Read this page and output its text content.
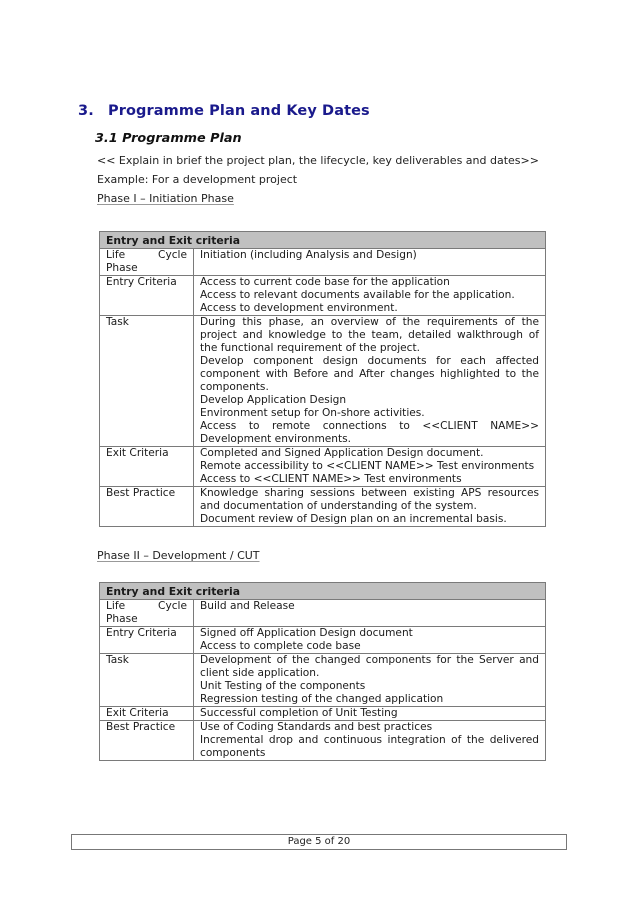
3. Programme Plan and Key Dates
3.1 Programme Plan
<< Explain in brief the project plan, the lifecycle, key deliverables and dates>>
Example: For a development project
Phase I – Initiation Phase
Entry and Exit criteria	

Life Cycle
Phase	Initiation (including Analysis and Design)

Entry Criteria	Access to current code base for the application
Access to relevant documents available for the application.
Access to development environment.

Task	During this phase, an overview of the requirements of the project and knowledge to the team, detailed walkthrough of the functional requirement of the project.
Develop component design documents for each affected component with Before and After changes highlighted to the components.
Develop Application Design
Environment setup for On-shore activities.
Access to remote connections to <<CLIENT NAME>> Development environments.

Exit Criteria	Completed and Signed Application Design document.
Remote accessibility to <<CLIENT NAME>> Test environments
Access to <<CLIENT NAME>> Test environments

Best Practice	Knowledge sharing sessions between existing APS resources and documentation of understanding of the system.
Document review of Design plan on an incremental basis.
Phase II – Development / CUT
Entry and Exit criteria	

Life Cycle
Phase	Build and Release

Entry Criteria	Signed off Application Design document
Access to complete code base

Task	Development of the changed components for the Server and client side application.
Unit Testing of the components
Regression testing of the changed application

Exit Criteria	Successful completion of Unit Testing

Best Practice	Use of Coding Standards and best practices
Incremental drop and continuous integration of the delivered components
Page 5 of 20
